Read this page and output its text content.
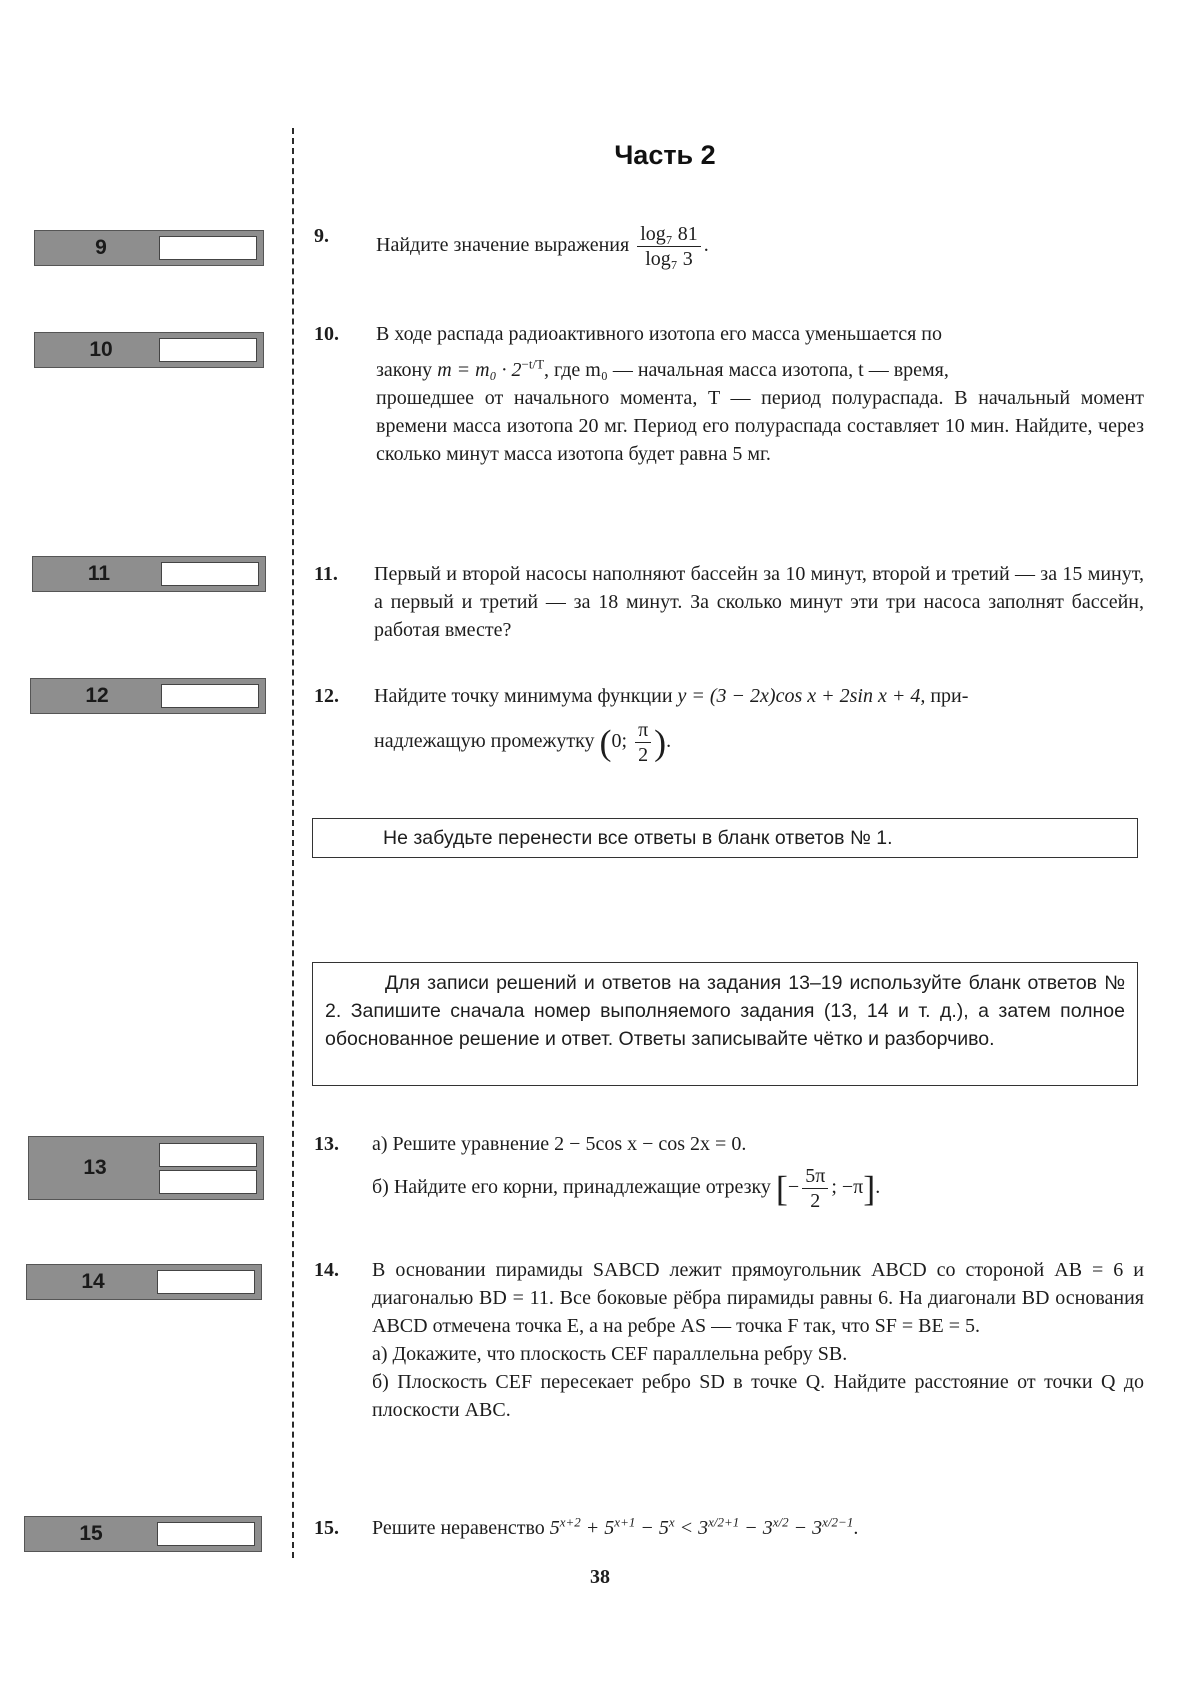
Часть 2
9
10
11
12
13
14
15
9. Найдите значение выражения $\frac{\text{log₇ 81}}{\text{log₇ 3}}$ .
10. В ходе распада радиоактивного изотопа его масса уменьшается по

закону $m = m_0 \cdot 2^{-t/T}$, где m₀ — начальная масса изотопа, t — время,

прошедшее от начального момента, T — период полураспада. В начальный момент времени масса изотопа 20 мг. Период его полураспада составляет 10 мин. Найдите, через сколько минут масса изотопа будет равна 5 мг.

11. Первый и второй насосы наполняют бассейн за 10 минут, второй и третий — за 15 минут, а первый и третий — за 18 минут. За сколько минут эти три насоса заполнят бассейн, работая вместе?
12. Найдите точку минимума функции y = (3 − 2x)cos x + 2sin x + 4, при-

надлежащую промежутку (0; $\frac{\pi}{2}$ ).

Не забудьте перенести все ответы в бланк ответов № 1.
Для записи решений и ответов на задания 13–19 используйте бланк ответов № 2. Запишите сначала номер выполняемого задания (13, 14 и т. д.), а затем полное обоснованное решение и ответ. Ответы записывайте чётко и разборчиво.
13. а) Решите уравнение 2 − 5cos x − cos 2x = 0.

б) Найдите его корни, принадлежащие отрезку [− $\frac{5\pi}{2}$ ; −π].

14. В основании пирамиды SABCD лежит прямоугольник ABCD со стороной AB = 6 и диагональю BD = 11. Все боковые рёбра пирамиды равны 6. На диагонали BD основания ABCD отмечена точка E, а на ребре AS — точка F так, что SF = BE = 5.

а) Докажите, что плоскость CEF параллельна ребру SB.

б) Плоскость CEF пересекает ребро SD в точке Q. Найдите расстояние от точки Q до плоскости ABC.

15. Решите неравенство $5^{x+2} + 5^{x+1} - 5^x < 3^{x/2+1} - 3^{x/2} - 3^{x/2-1}$.
38
